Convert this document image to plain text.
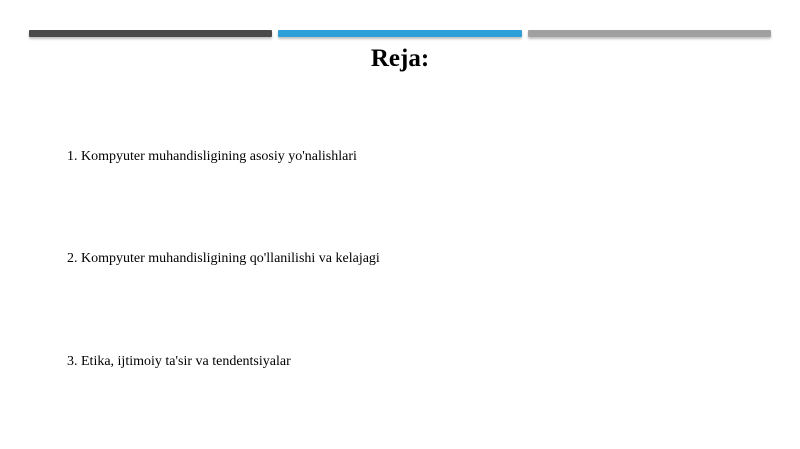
Reja:
1. Kompyuter muhandisligining asosiy yo'nalishlari
2. Kompyuter muhandisligining qo'llanilishi va kelajagi
3. Etika, ijtimoiy ta'sir va tendentsiyalar
